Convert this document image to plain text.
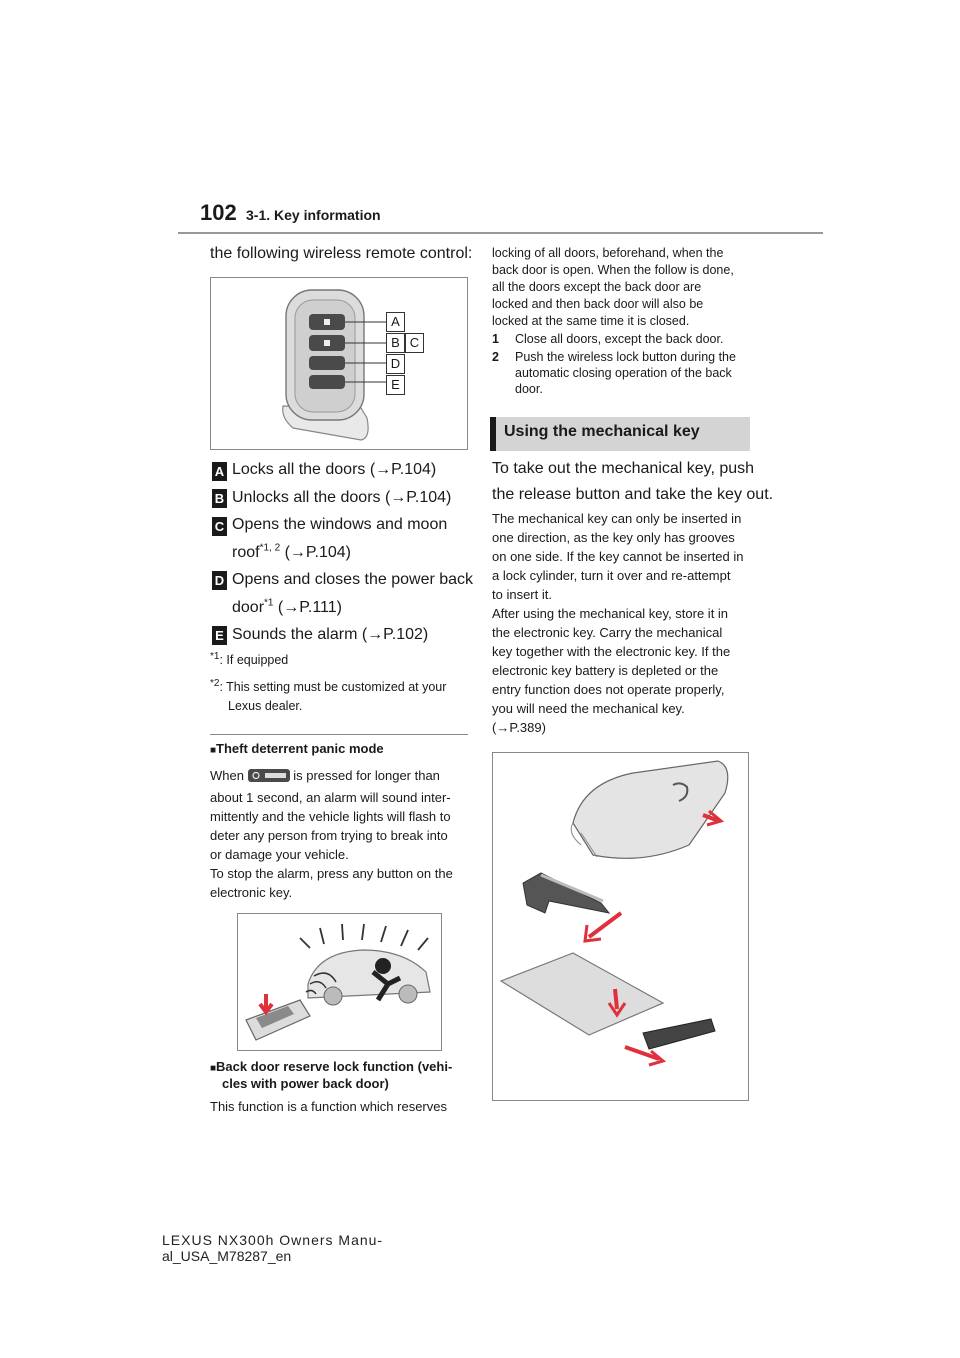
102 3-1. Key information
the following wireless remote control:
A
B C
D
E
A Locks all the doors (→P.104)
B Unlocks all the doors (→P.104)
C Opens the windows and moon
roof$^{*1, 2}$ (→P.104)
D Opens and closes the power back
door$^{*1}$ (→P.111)
E Sounds the alarm (→P.102)
$^{*1}$: If equipped
$^{*2}$: This setting must be customized at your
Lexus dealer.
■Theft deterrent panic mode
When	is pressed for longer than
about 1 second, an alarm will sound inter-
mittently and the vehicle lights will flash to
deter any person from trying to break into
or damage your vehicle.
To stop the alarm, press any button on the
electronic key.
■Back door reserve lock function (vehi-
cles with power back door)
This function is a function which reserves
locking of all doors, beforehand, when the
back door is open. When the follow is done,
all the doors except the back door are
locked and then back door will also be
locked at the same time it is closed.
1 Close all doors, except the back door.
2 Push the wireless lock button during the
automatic closing operation of the back
door.
Using the mechanical key
To take out the mechanical key, push
the release button and take the key out.
The mechanical key can only be inserted in
one direction, as the key only has grooves
on one side. If the key cannot be inserted in
a lock cylinder, turn it over and re-attempt
to insert it.
After using the mechanical key, store it in
the electronic key. Carry the mechanical
key together with the electronic key. If the
electronic key battery is depleted or the
entry function does not operate properly,
you will need the mechanical key.
(→P.389)
LEXUS NX300h Owners Manu-
al_USA_M78287_en
